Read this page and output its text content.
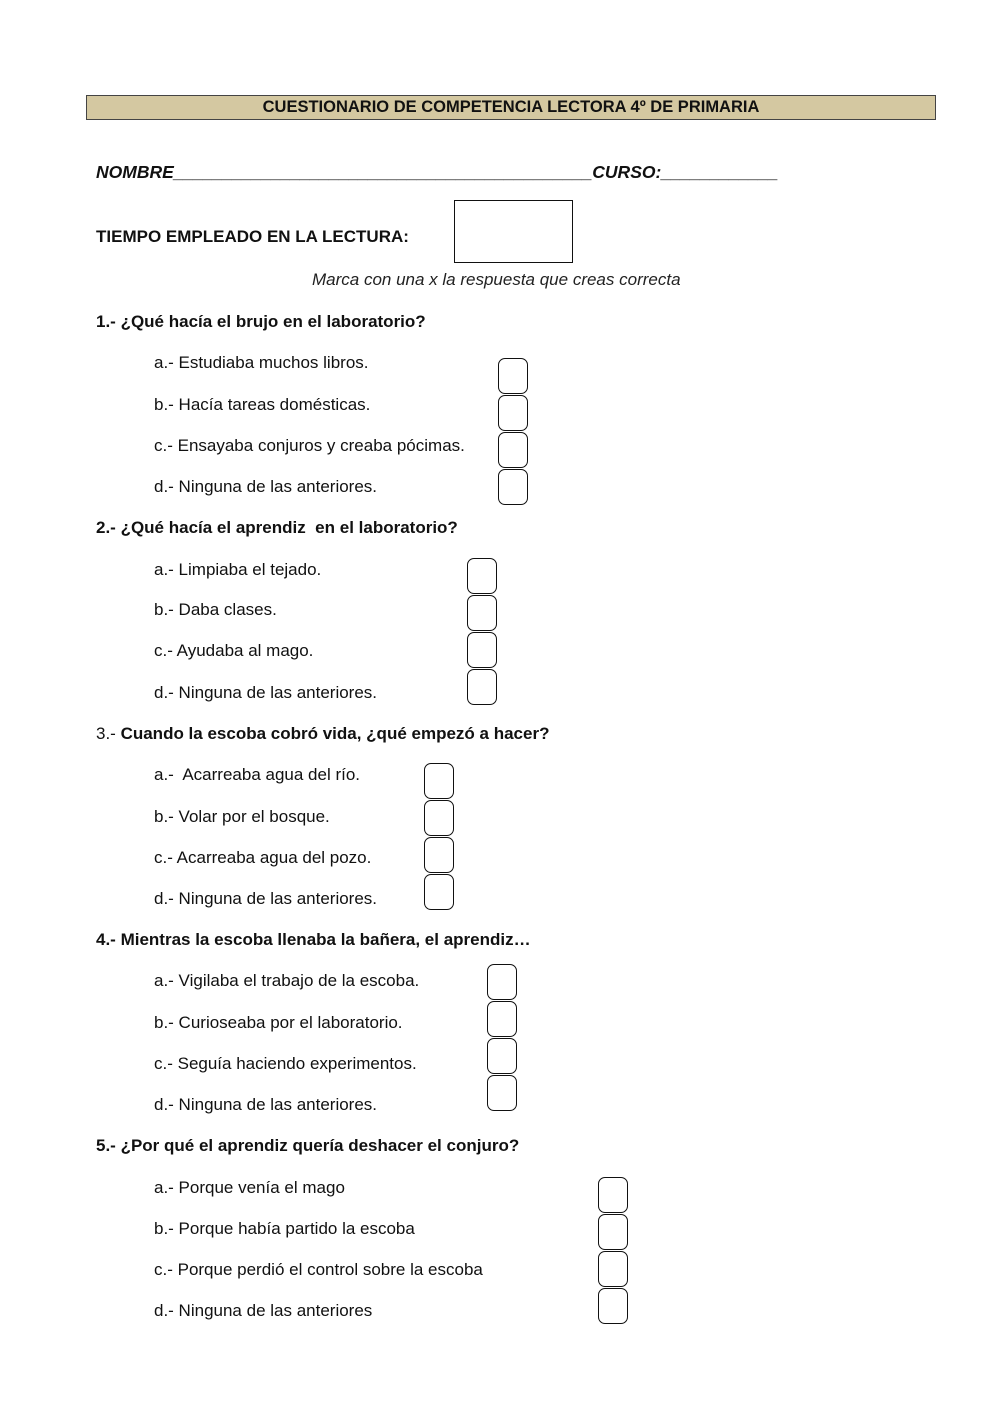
CUESTIONARIO DE COMPETENCIA LECTORA 4º DE PRIMARIA
NOMBRE___________________________________________CURSO:____________
TIEMPO EMPLEADO EN LA LECTURA:
Marca con una x la respuesta que creas correcta
1.- ¿Qué hacía el brujo en el laboratorio?
a.- Estudiaba muchos libros.
b.- Hacía tareas domésticas.
c.- Ensayaba conjuros y creaba pócimas.
d.- Ninguna de las anteriores.
2.- ¿Qué hacía el aprendiz  en el laboratorio?
a.- Limpiaba el tejado.
b.- Daba clases.
c.- Ayudaba al mago.
d.- Ninguna de las anteriores.
3.- Cuando la escoba cobró vida, ¿qué empezó a hacer?
a.-  Acarreaba agua del río.
b.- Volar por el bosque.
c.- Acarreaba agua del pozo.
d.- Ninguna de las anteriores.
4.- Mientras la escoba llenaba la bañera, el aprendiz…
a.- Vigilaba el trabajo de la escoba.
b.- Curioseaba por el laboratorio.
c.- Seguía haciendo experimentos.
d.- Ninguna de las anteriores.
5.- ¿Por qué el aprendiz quería deshacer el conjuro?
a.- Porque venía el mago
b.- Porque había partido la escoba
c.- Porque perdió el control sobre la escoba
d.- Ninguna de las anteriores
